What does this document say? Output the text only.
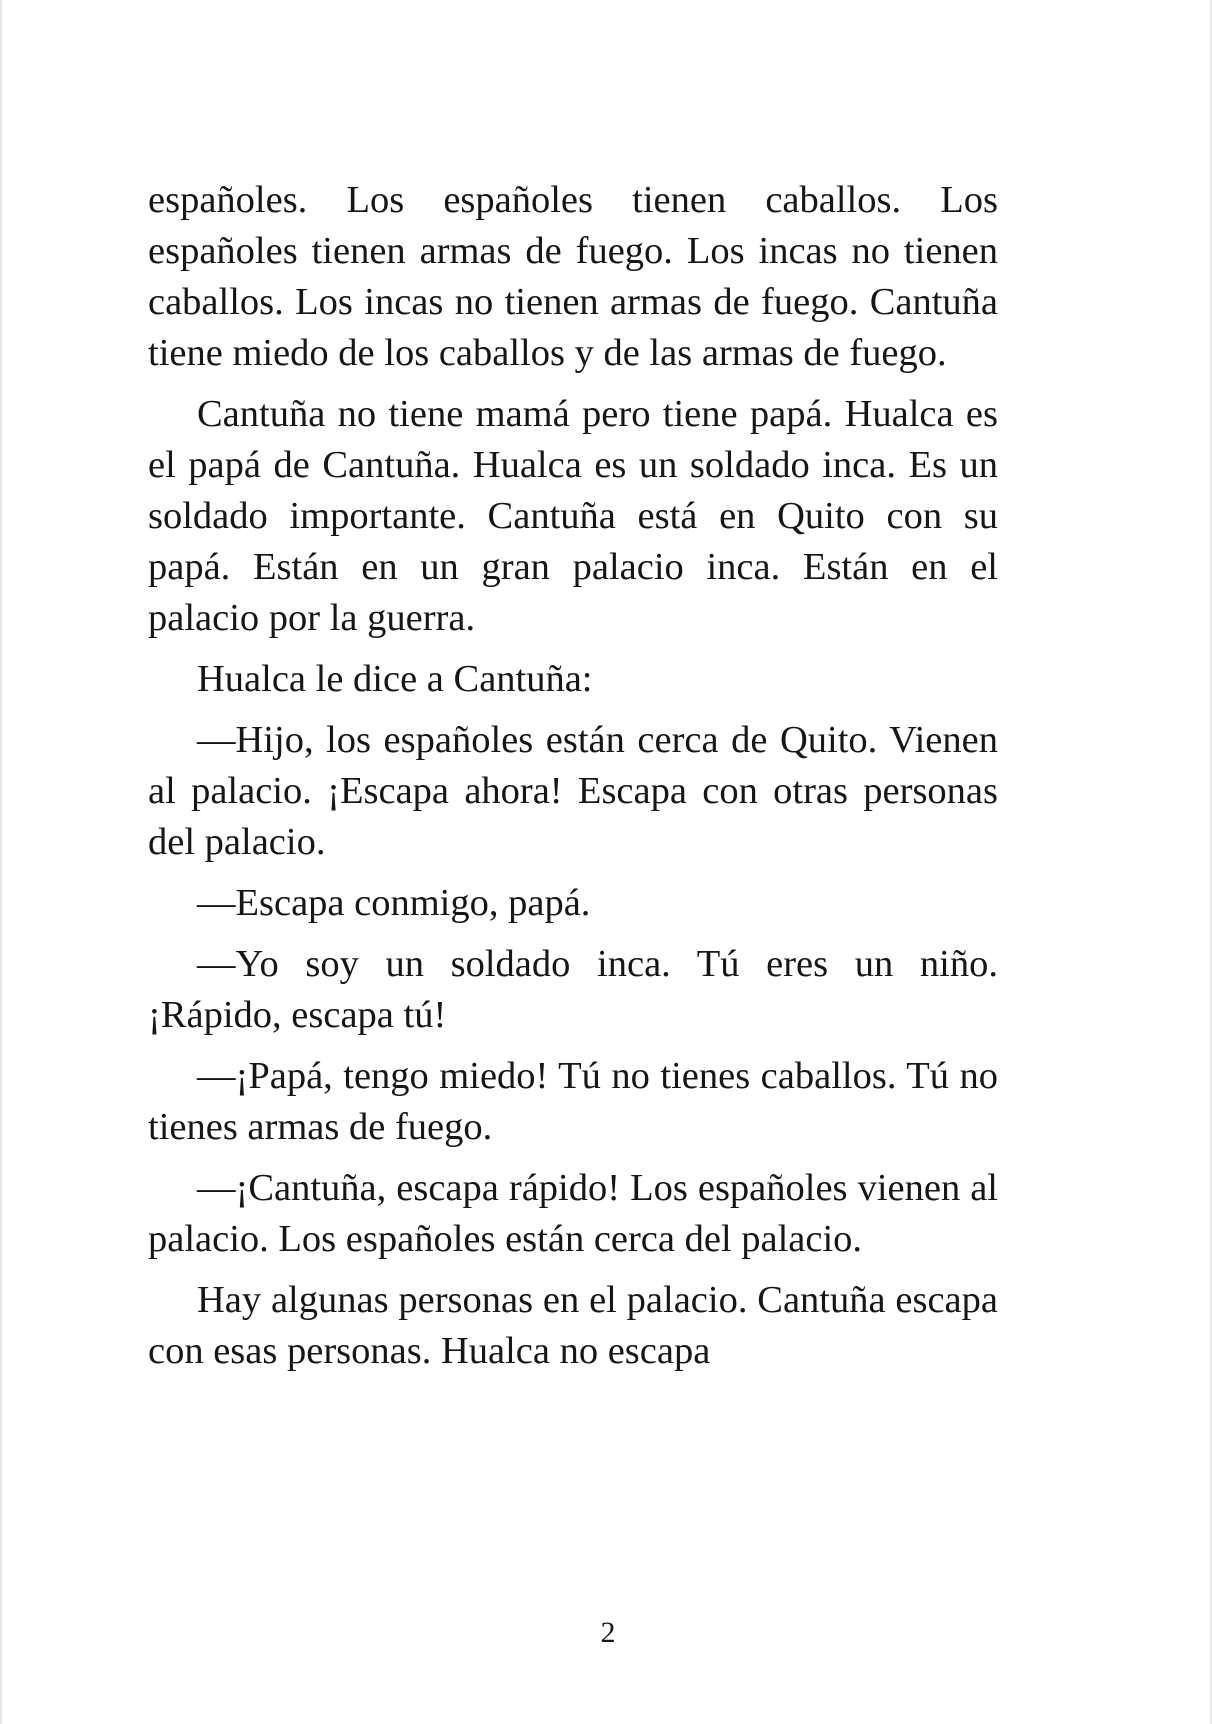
españoles. Los españoles tienen caballos. Los españoles tienen armas de fuego. Los incas no tienen caballos. Los incas no tienen armas de fuego. Cantuña tiene miedo de los caballos y de las armas de fuego.

Cantuña no tiene mamá pero tiene papá. Hualca es el papá de Cantuña. Hualca es un soldado inca. Es un soldado importante. Cantuña está en Quito con su papá. Están en un gran palacio inca. Están en el palacio por la guerra.

Hualca le dice a Cantuña:

—Hijo, los españoles están cerca de Quito. Vienen al palacio. ¡Escapa ahora! Escapa con otras personas del palacio.

—Escapa conmigo, papá.

—Yo soy un soldado inca. Tú eres un niño. ¡Rápido, escapa tú!

—¡Papá, tengo miedo! Tú no tienes caballos. Tú no tienes armas de fuego.

—¡Cantuña, escapa rápido! Los españoles vienen al palacio. Los españoles están cerca del palacio.

Hay algunas personas en el palacio. Cantuña escapa con esas personas. Hualca no escapa

2
